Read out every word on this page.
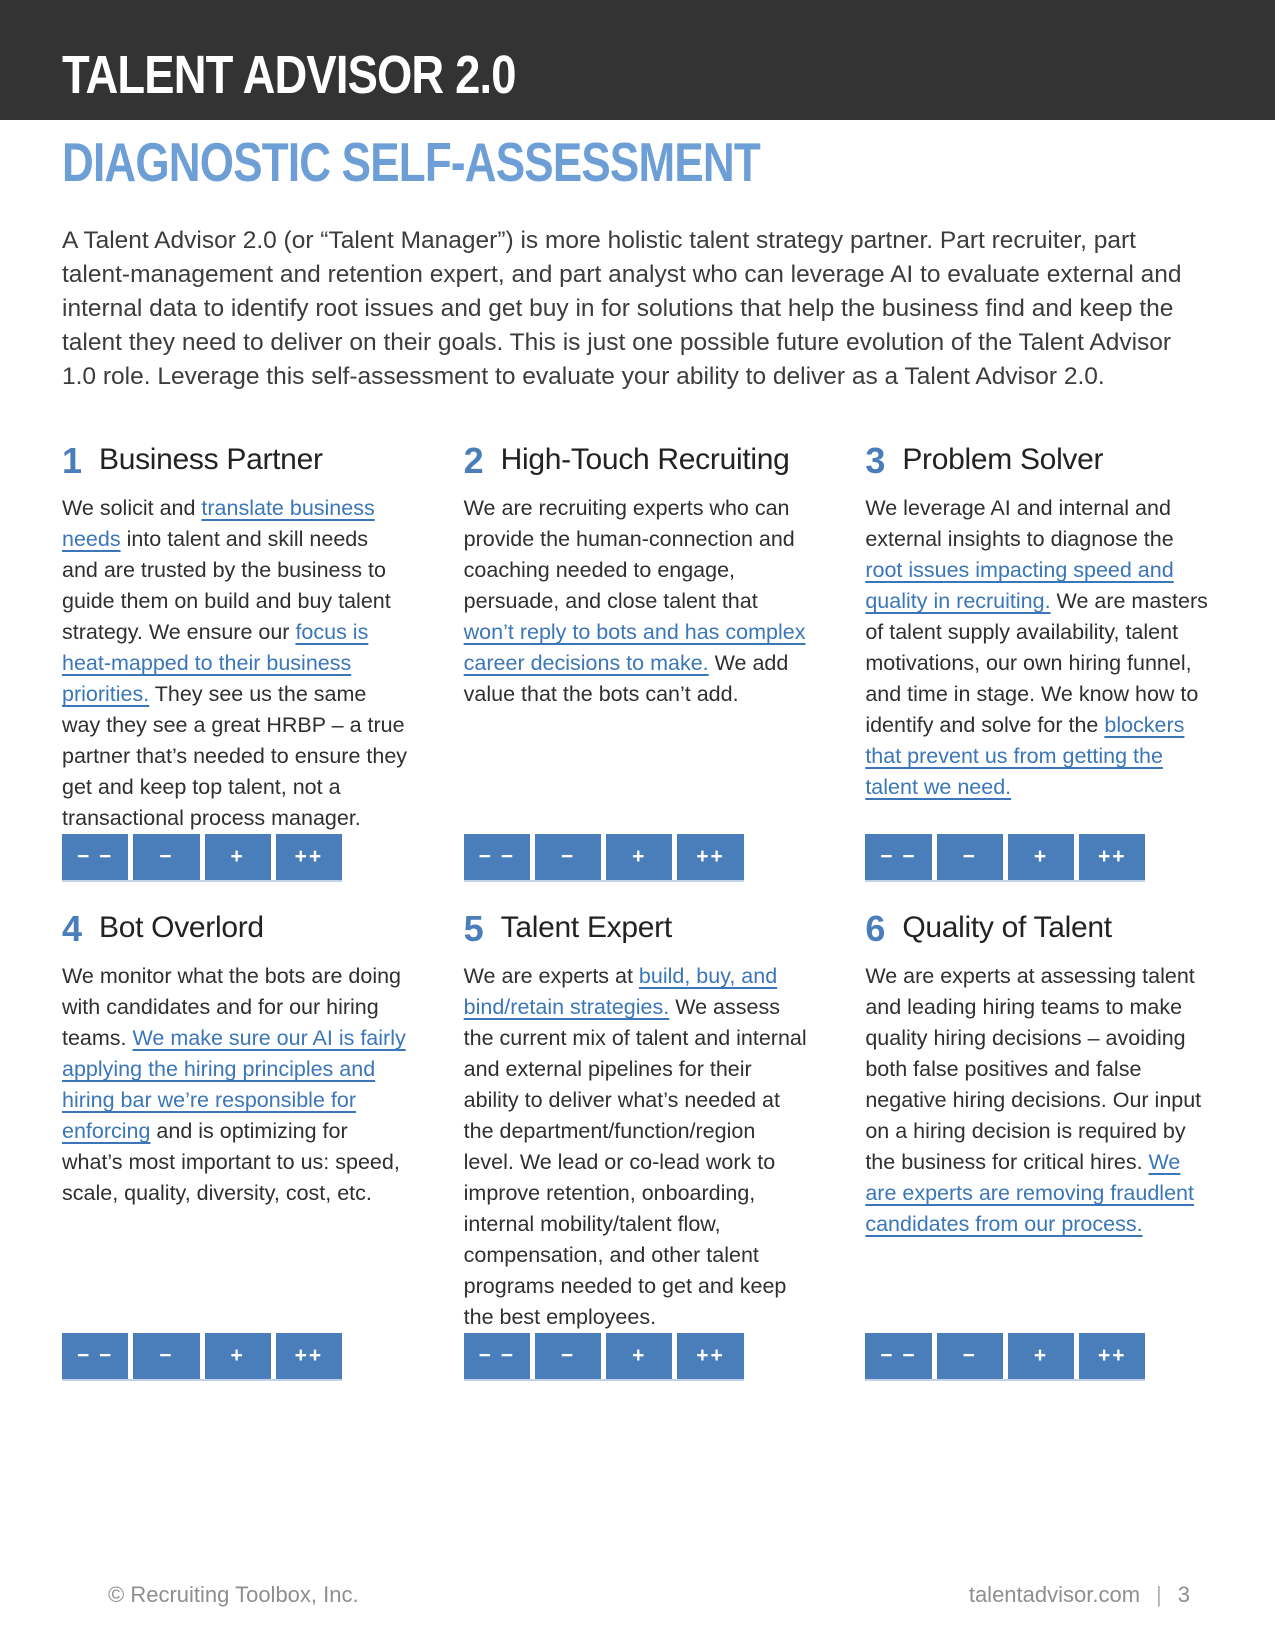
TALENT ADVISOR 2.0
DIAGNOSTIC SELF-ASSESSMENT

A Talent Advisor 2.0 (or “Talent Manager”) is more holistic talent strategy partner. Part recruiter, part talent-management and retention expert, and part analyst who can leverage AI to evaluate external and internal data to identify root issues and get buy in for solutions that help the business find and keep the talent they need to deliver on their goals. This is just one possible future evolution of the Talent Advisor 1.0 role. Leverage this self-assessment to evaluate your ability to deliver as a Talent Advisor 2.0.

1 Business Partner
We solicit and translate business needs into talent and skill needs and are trusted by the business to guide them on build and buy talent strategy. We ensure our focus is heat-mapped to their business priorities. They see us the same way they see a great HRBP – a true partner that’s needed to ensure they get and keep top talent, not a transactional process manager.
− −	−	+	++
2 High-Touch Recruiting
We are recruiting experts who can provide the human-connection and coaching needed to engage, persuade, and close talent that won’t reply to bots and has complex career decisions to make. We add value that the bots can’t add.
− −	−	+	++
3 Problem Solver
We leverage AI and internal and external insights to diagnose the root issues impacting speed and quality in recruiting. We are masters of talent supply availability, talent motivations, our own hiring funnel, and time in stage. We know how to identify and solve for the blockers that prevent us from getting the talent we need.
− −	−	+	++
4 Bot Overlord
We monitor what the bots are doing with candidates and for our hiring teams. We make sure our AI is fairly applying the hiring principles and hiring bar we’re responsible for enforcing and is optimizing for what’s most important to us: speed, scale, quality, diversity, cost, etc.
− −	−	+	++
5 Talent Expert
We are experts at build, buy, and bind/retain strategies. We assess the current mix of talent and internal and external pipelines for their ability to deliver what’s needed at the department/function/region level. We lead or co-lead work to improve retention, onboarding, internal mobility/talent flow, compensation, and other talent programs needed to get and keep the best employees.
− −	−	+	++
6 Quality of Talent
We are experts at assessing talent and leading hiring teams to make quality hiring decisions – avoiding both false positives and false negative hiring decisions. Our input on a hiring decision is required by the business for critical hires. We are experts are removing fraudlent candidates from our process.
− −	−	+	++
© Recruiting Toolbox, Inc.	talentadvisor.com | 3
